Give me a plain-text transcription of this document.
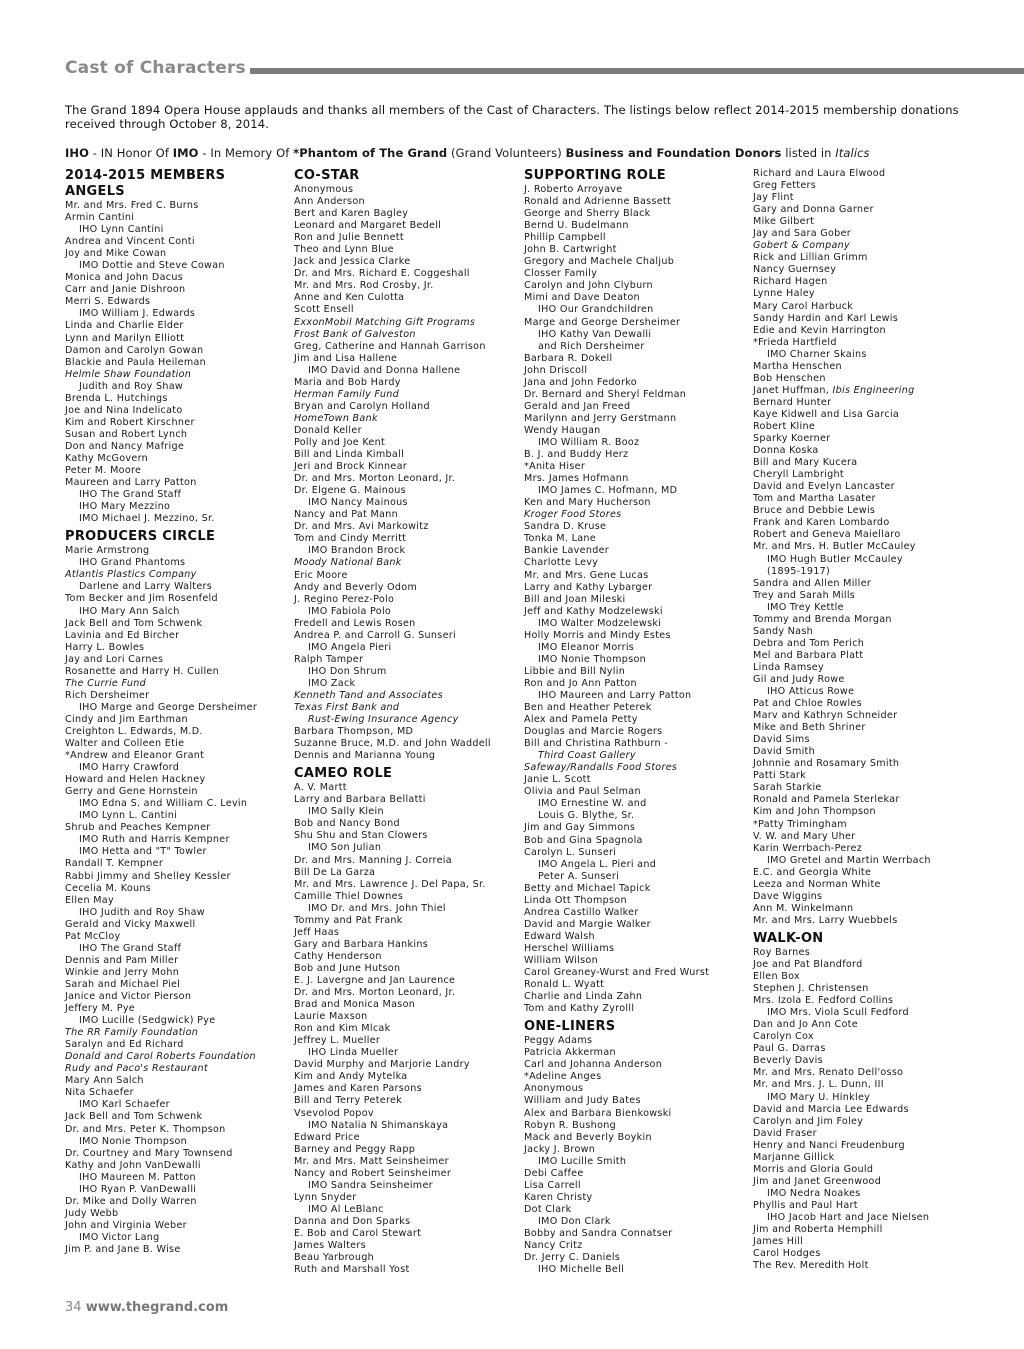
Cast of Characters
The Grand 1894 Opera House applauds and thanks all members of the Cast of Characters. The listings below reflect 2014-2015 membership donations received through October 8, 2014.
IHO - IN Honor Of IMO - In Memory Of *Phantom of The Grand (Grand Volunteers) Business and Foundation Donors listed in Italics
2014-2015 MEMBERS
ANGELS
Mr. and Mrs. Fred C. Burns
Armin Cantini
IHO Lynn Cantini
Andrea and Vincent Conti
Joy and Mike Cowan
IMO Dottie and Steve Cowan
Monica and John Dacus
Carr and Janie Dishroon
Merri S. Edwards
IMO William J. Edwards
Linda and Charlie Elder
Lynn and Marilyn Elliott
Damon and Carolyn Gowan
Blackie and Paula Heileman
Helmle Shaw Foundation
Judith and Roy Shaw
Brenda L. Hutchings
Joe and Nina Indelicato
Kim and Robert Kirschner
Susan and Robert Lynch
Don and Nancy Mafrige
Kathy McGovern
Peter M. Moore
Maureen and Larry Patton
IHO The Grand Staff
IHO Mary Mezzino
IMO Michael J. Mezzino, Sr.
PRODUCERS CIRCLE
Marie Armstrong
IHO Grand Phantoms
Atlantis Plastics Company
Darlene and Larry Walters
Tom Becker and Jim Rosenfeld
IHO Mary Ann Salch
Jack Bell and Tom Schwenk
Lavinia and Ed Bircher
Harry L. Bowles
Jay and Lori Carnes
Rosanette and Harry H. Cullen
The Currie Fund
Rich Dersheimer
IHO Marge and George Dersheimer
Cindy and Jim Earthman
Creighton L. Edwards, M.D.
Walter and Colleen Etie
*Andrew and Eleanor Grant
IMO Harry Crawford
Howard and Helen Hackney
Gerry and Gene Hornstein
IMO Edna S. and William C. Levin
IMO Lynn L. Cantini
Shrub and Peaches Kempner
IMO Ruth and Harris Kempner
IMO Hetta and "T" Towler
Randall T. Kempner
Rabbi Jimmy and Shelley Kessler
Cecelia M. Kouns
Ellen May
IHO Judith and Roy Shaw
Gerald and Vicky Maxwell
Pat McCloy
IHO The Grand Staff
Dennis and Pam Miller
Winkie and Jerry Mohn
Sarah and Michael Piel
Janice and Victor Pierson
Jeffery M. Pye
IMO Lucille (Sedgwick) Pye
The RR Family Foundation
Saralyn and Ed Richard
Donald and Carol Roberts Foundation
Rudy and Paco's Restaurant
Mary Ann Salch
Nita Schaefer
IMO Karl Schaefer
Jack Bell and Tom Schwenk
Dr. and Mrs. Peter K. Thompson
IMO Nonie Thompson
Dr. Courtney and Mary Townsend
Kathy and John VanDewalli
IHO Maureen M. Patton
IHO Ryan P. VanDewalli
Dr. Mike and Dolly Warren
Judy Webb
John and Virginia Weber
IMO Victor Lang
Jim P. and Jane B. Wise
CO-STAR
Anonymous
Ann Anderson
Bert and Karen Bagley
Leonard and Margaret Bedell
Ron and Julie Bennett
Theo and Lynn Blue
Jack and Jessica Clarke
Dr. and Mrs. Richard E. Coggeshall
Mr. and Mrs. Rod Crosby, Jr.
Anne and Ken Culotta
Scott Ensell
ExxonMobil Matching Gift Programs
Frost Bank of Galveston
Greg, Catherine and Hannah Garrison
Jim and Lisa Hallene
IMO David and Donna Hallene
Maria and Bob Hardy
Herman Family Fund
Bryan and Carolyn Holland
HomeTown Bank
Donald Keller
Polly and Joe Kent
Bill and Linda Kimball
Jeri and Brock Kinnear
Dr. and Mrs. Morton Leonard, Jr.
Dr. Elgene G. Mainous
IMO Nancy Mainous
Nancy and Pat Mann
Dr. and Mrs. Avi Markowitz
Tom and Cindy Merritt
IMO Brandon Brock
Moody National Bank
Eric Moore
Andy and Beverly Odom
J. Regino Perez-Polo
IMO Fabiola Polo
Fredell and Lewis Rosen
Andrea P. and Carroll G. Sunseri
IMO Angela Pieri
Ralph Tamper
IHO Don Shrum
IMO Zack
Kenneth Tand and Associates
Texas First Bank and
Rust-Ewing Insurance Agency
Barbara Thompson, MD
Suzanne Bruce, M.D. and John Waddell
Dennis and Marianna Young
CAMEO ROLE
A. V. Martt
Larry and Barbara Bellatti
IMO Sally Klein
Bob and Nancy Bond
Shu Shu and Stan Clowers
IMO Son Julian
Dr. and Mrs. Manning J. Correia
Bill De La Garza
Mr. and Mrs. Lawrence J. Del Papa, Sr.
Camille Thiel Downes
IMO Dr. and Mrs. John Thiel
Tommy and Pat Frank
Jeff Haas
Gary and Barbara Hankins
Cathy Henderson
Bob and June Hutson
E. J. Lavergne and Jan Laurence
Dr. and Mrs. Morton Leonard, Jr.
Brad and Monica Mason
Laurie Maxson
Ron and Kim Mlcak
Jeffrey L. Mueller
IHO Linda Mueller
David Murphy and Marjorie Landry
Kim and Andy Mytelka
James and Karen Parsons
Bill and Terry Peterek
Vsevolod Popov
IMO Natalia N Shimanskaya
Edward Price
Barney and Peggy Rapp
Mr. and Mrs. Matt Seinsheimer
Nancy and Robert Seinsheimer
IMO Sandra Seinsheimer
Lynn Snyder
IMO Al LeBlanc
Danna and Don Sparks
E. Bob and Carol Stewart
James Walters
Beau Yarbrough
Ruth and Marshall Yost
SUPPORTING ROLE
J. Roberto Arroyave
Ronald and Adrienne Bassett
George and Sherry Black
Bernd U. Budelmann
Phillip Campbell
John B. Cartwright
Gregory and Machele Chaljub
Closser Family
Carolyn and John Clyburn
Mimi and Dave Deaton
IHO Our Grandchildren
Marge and George Dersheimer
IHO Kathy Van Dewalli
and Rich Dersheimer
Barbara R. Dokell
John Driscoll
Jana and John Fedorko
Dr. Bernard and Sheryl Feldman
Gerald and Jan Freed
Marilynn and Jerry Gerstmann
Wendy Haugan
IMO William R. Booz
B. J. and Buddy Herz
*Anita Hiser
Mrs. James Hofmann
IMO James C. Hofmann, MD
Ken and Mary Hucherson
Kroger Food Stores
Sandra D. Kruse
Tonka M. Lane
Bankie Lavender
Charlotte Levy
Mr. and Mrs. Gene Lucas
Larry and Kathy Lybarger
Bill and Joan Mileski
Jeff and Kathy Modzelewski
IMO Walter Modzelewski
Holly Morris and Mindy Estes
IMO Eleanor Morris
IMO Nonie Thompson
Libbie and Bill Nylin
Ron and Jo Ann Patton
IHO Maureen and Larry Patton
Ben and Heather Peterek
Alex and Pamela Petty
Douglas and Marcie Rogers
Bill and Christina Rathburn -
Third Coast Gallery
Safeway/Randalls Food Stores
Janie L. Scott
Olivia and Paul Selman
IMO Ernestine W. and
Louis G. Blythe, Sr.
Jim and Gay Simmons
Bob and Gina Spagnola
Carolyn L. Sunseri
IMO Angela L. Pieri and
Peter A. Sunseri
Betty and Michael Tapick
Linda Ott Thompson
Andrea Castillo Walker
David and Margie Walker
Edward Walsh
Herschel Williams
William Wilson
Carol Greaney-Wurst and Fred Wurst
Ronald L. Wyatt
Charlie and Linda Zahn
Tom and Kathy Zyrolll
ONE-LINERS
Peggy Adams
Patricia Akkerman
Carl and Johanna Anderson
*Adeline Anges
Anonymous
William and Judy Bates
Alex and Barbara Bienkowski
Robyn R. Bushong
Mack and Beverly Boykin
Jacky J. Brown
IMO Lucille Smith
Debi Caffee
Lisa Carrell
Karen Christy
Dot Clark
IMO Don Clark
Bobby and Sandra Connatser
Nancy Critz
Dr. Jerry C. Daniels
IHO Michelle Bell
Richard and Laura Elwood
Greg Fetters
Jay Flint
Gary and Donna Garner
Mike Gilbert
Jay and Sara Gober
Gobert & Company
Rick and Lillian Grimm
Nancy Guernsey
Richard Hagen
Lynne Haley
Mary Carol Harbuck
Sandy Hardin and Karl Lewis
Edie and Kevin Harrington
*Frieda Hartfield
IMO Charner Skains
Martha Henschen
Bob Henschen
Janet Huffman, Ibis Engineering
Bernard Hunter
Kaye Kidwell and Lisa Garcia
Robert Kline
Sparky Koerner
Donna Koska
Bill and Mary Kucera
Cheryll Lambright
David and Evelyn Lancaster
Tom and Martha Lasater
Bruce and Debbie Lewis
Frank and Karen Lombardo
Robert and Geneva Maiellaro
Mr. and Mrs. H. Butler McCauley
IMO Hugh Butler McCauley
(1895-1917)
Sandra and Allen Miller
Trey and Sarah Mills
IMO Trey Kettle
Tommy and Brenda Morgan
Sandy Nash
Debra and Tom Perich
Mel and Barbara Platt
Linda Ramsey
Gil and Judy Rowe
IHO Atticus Rowe
Pat and Chloe Rowles
Marv and Kathryn Schneider
Mike and Beth Shriner
David Sims
David Smith
Johnnie and Rosamary Smith
Patti Stark
Sarah Starkie
Ronald and Pamela Sterlekar
Kim and John Thompson
*Patty Trimingham
V. W. and Mary Uher
Karin Werrbach-Perez
IMO Gretel and Martin Werrbach
E.C. and Georgia White
Leeza and Norman White
Dave Wiggins
Ann M. Winkelmann
Mr. and Mrs. Larry Wuebbels
WALK-ON
Roy Barnes
Joe and Pat Blandford
Ellen Box
Stephen J. Christensen
Mrs. Izola E. Fedford Collins
IMO Mrs. Viola Scull Fedford
Dan and Jo Ann Cote
Carolyn Cox
Paul G. Darras
Beverly Davis
Mr. and Mrs. Renato Dell'osso
Mr. and Mrs. J. L. Dunn, III
IMO Mary U. Hinkley
David and Marcia Lee Edwards
Carolyn and Jim Foley
David Fraser
Henry and Nanci Freudenburg
Marjanne Gillick
Morris and Gloria Gould
Jim and Janet Greenwood
IMO Nedra Noakes
Phyllis and Paul Hart
IHO Jacob Hart and Jace Nielsen
Jim and Roberta Hemphill
James Hill
Carol Hodges
The Rev. Meredith Holt
34 www.thegrand.com
